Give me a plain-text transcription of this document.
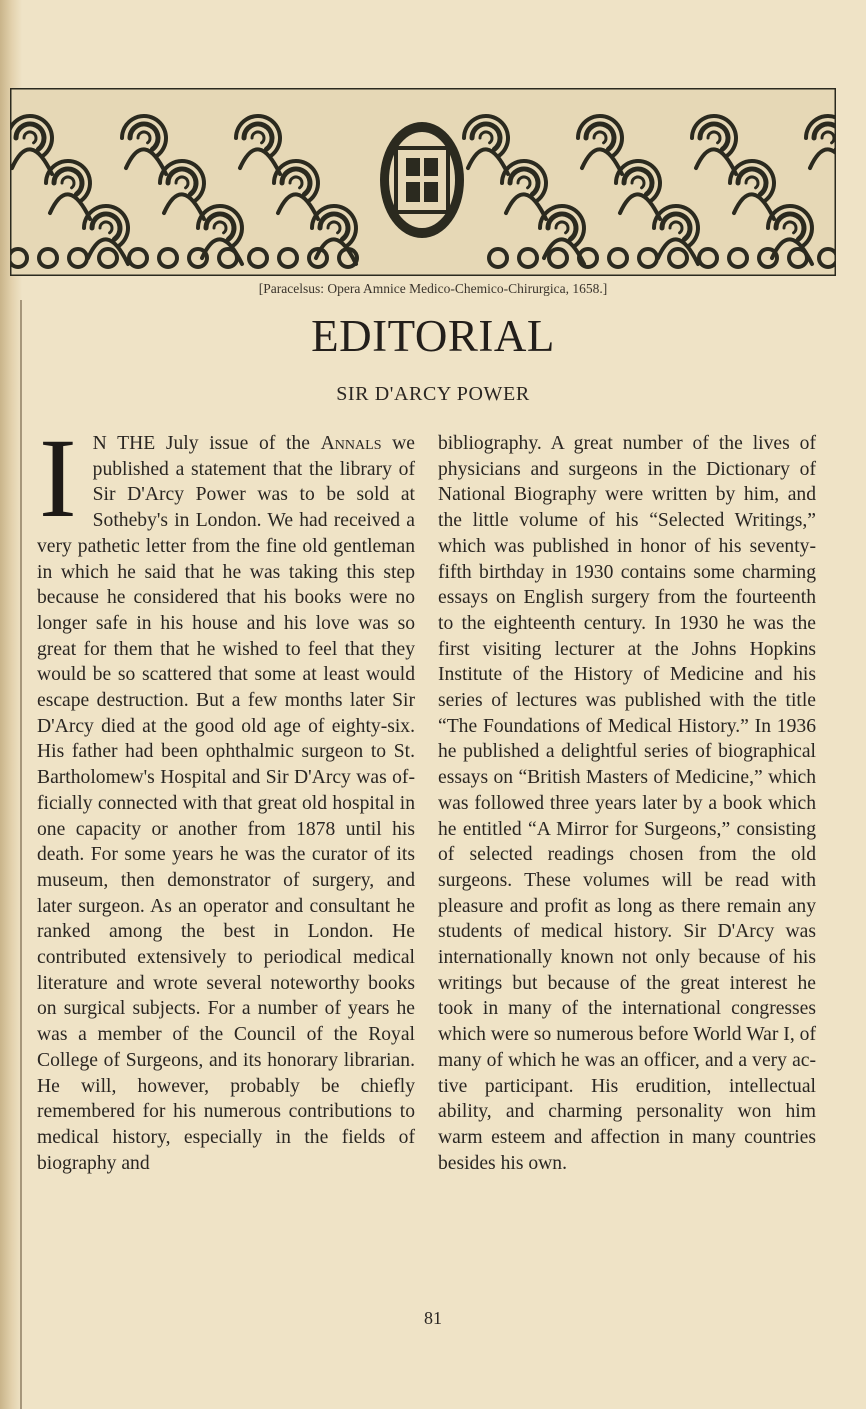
[Paracelsus: Opera Amnice Medico-Chemico-Chirurgica, 1658.]
EDITORIAL
SIR D'ARCY POWER
I N THE July issue of the Annals we published a statement that the library of Sir D'Arcy Power was to be sold at Sotheby's in London. We had received a very pathetic letter from the fine old gentleman in which he said that he was taking this step because he considered that his books were no longer safe in his house and his love was so great for them that he wished to feel that they would be so scattered that some at least would escape destruction. But a few months later Sir D'Arcy died at the good old age of eighty-six. His father had been ophthalmic surgeon to St. Bartholomew's Hospital and Sir D'Arcy was officially connected with that great old hospital in one capacity or another from 1878 until his death. For some years he was the curator of its museum, then demonstrator of surgery, and later surgeon. As an operator and consultant he ranked among the best in London. He contributed extensively to periodical medical literature and wrote several noteworthy books on surgical subjects. For a number of years he was a member of the Council of the Royal College of Surgeons, and its honorary librarian. He will, however, probably be chiefly remembered for his numerous contributions to medical history, especially in the fields of biography and
bibliography. A great number of the lives of physicians and surgeons in the Dictionary of National Biography were written by him, and the little volume of his “Selected Writings,” which was published in honor of his seventy-fifth birthday in 1930 contains some charming essays on English surgery from the fourteenth to the eighteenth century. In 1930 he was the first visiting lecturer at the Johns Hopkins Institute of the History of Medicine and his series of lectures was published with the title “The Foundations of Medical History.” In 1936 he published a delightful series of biographical essays on “British Masters of Medicine,” which was followed three years later by a book which he entitled “A Mirror for Surgeons,” consisting of selected readings chosen from the old surgeons. These volumes will be read with pleasure and profit as long as there remain any students of medical history. Sir D'Arcy was internationally known not only because of his writings but because of the great interest he took in many of the international congresses which were so numerous before World War I, of many of which he was an officer, and a very active participant. His erudition, intellectual ability, and charming personality won him warm esteem and affection in many countries besides his own.
81
